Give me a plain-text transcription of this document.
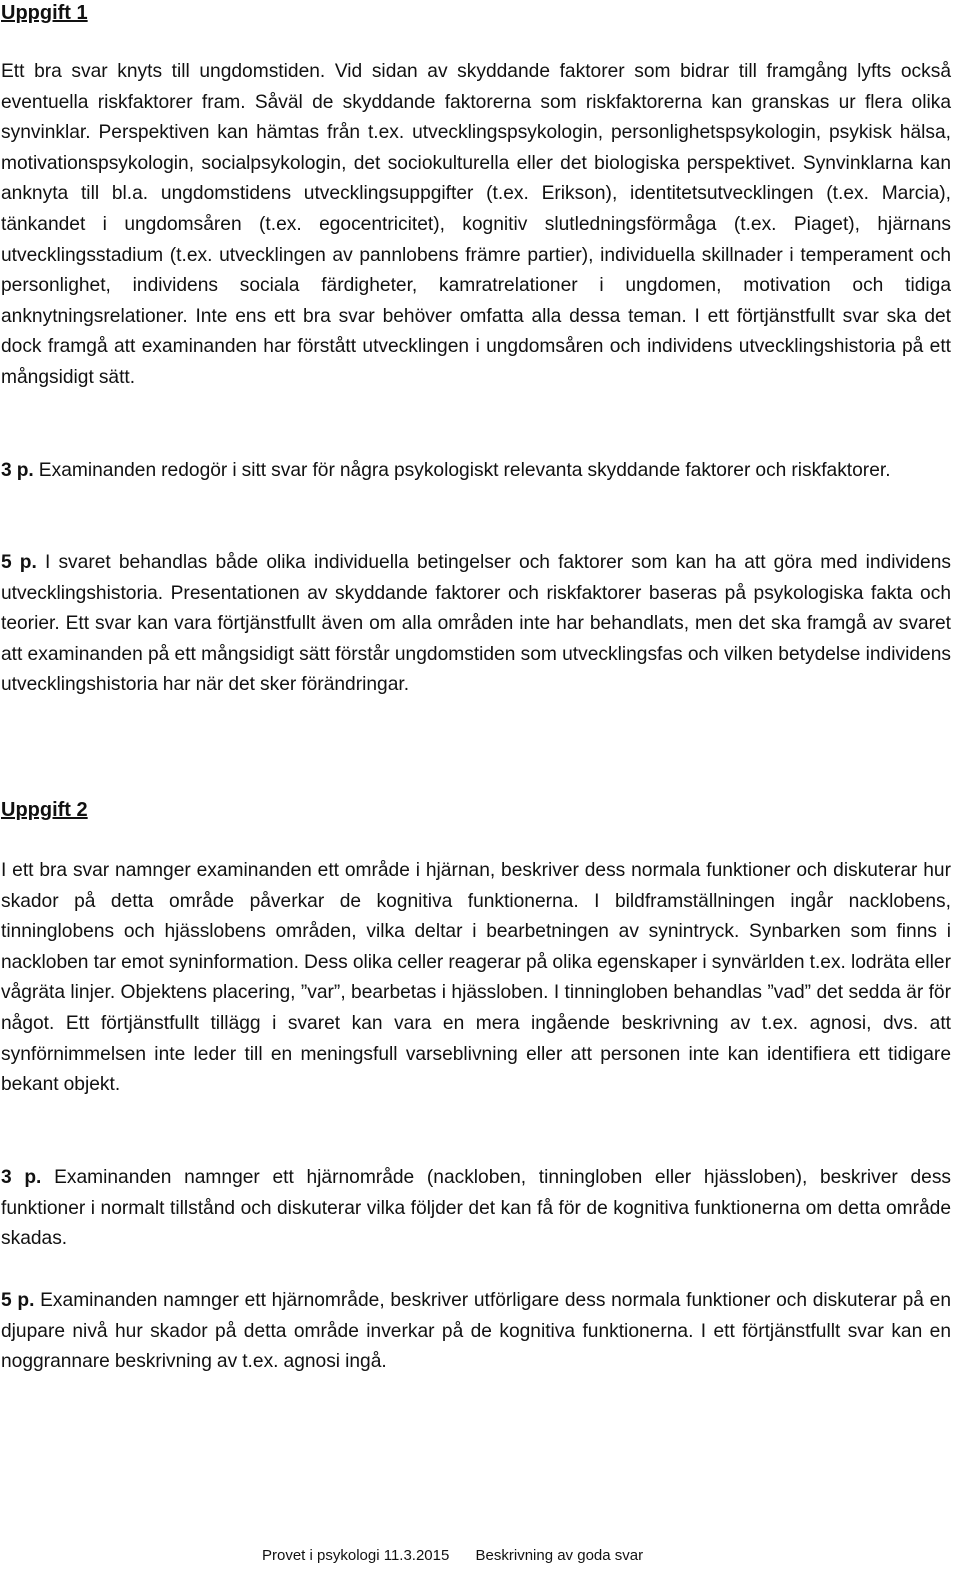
Uppgift 1

Ett bra svar knyts till ungdomstiden. Vid sidan av skyddande faktorer som bidrar till framgång lyfts också eventuella riskfaktorer fram. Såväl de skyddande faktorerna som riskfaktorerna kan granskas ur flera olika synvinklar. Perspektiven kan hämtas från t.ex. utvecklingspsykologin, personlighetspsykologin, psykisk hälsa, motivationspsykologin, socialpsykologin, det sociokulturella eller det biologiska perspektivet. Synvinklarna kan anknyta till bl.a. ungdomstidens utvecklingsuppgifter (t.ex. Erikson), identitetsutvecklingen (t.ex. Marcia), tänkandet i ungdomsåren (t.ex. egocentricitet), kognitiv slutledningsförmåga (t.ex. Piaget), hjärnans utvecklingsstadium (t.ex. utvecklingen av pannlobens främre partier), individuella skillnader i temperament och personlighet, individens sociala färdigheter, kamratrelationer i ungdomen, motivation och tidiga anknytningsrelationer. Inte ens ett bra svar behöver omfatta alla dessa teman. I ett förtjänstfullt svar ska det dock framgå att examinanden har förstått utvecklingen i ungdomsåren och individens utvecklingshistoria på ett mångsidigt sätt.

3 p. Examinanden redogör i sitt svar för några psykologiskt relevanta skyddande faktorer och riskfaktorer.

5 p. I svaret behandlas både olika individuella betingelser och faktorer som kan ha att göra med individens utvecklingshistoria. Presentationen av skyddande faktorer och riskfaktorer baseras på psykologiska fakta och teorier. Ett svar kan vara förtjänstfullt även om alla områden inte har behandlats, men det ska framgå av svaret att examinanden på ett mångsidigt sätt förstår ungdomstiden som utvecklingsfas och vilken betydelse individens utvecklingshistoria har när det sker förändringar.

Uppgift 2

I ett bra svar namnger examinanden ett område i hjärnan, beskriver dess normala funktioner och diskuterar hur skador på detta område påverkar de kognitiva funktionerna. I bildframställningen ingår nacklobens, tinninglobens och hjässlobens områden, vilka deltar i bearbetningen av synintryck. Synbarken som finns i nackloben tar emot syninformation. Dess olika celler reagerar på olika egenskaper i synvärlden t.ex. lodräta eller vågräta linjer. Objektens placering, ”var”, bearbetas i hjässloben. I tinningloben behandlas ”vad” det sedda är för något. Ett förtjänstfullt tillägg i svaret kan vara en mera ingående beskrivning av t.ex. agnosi, dvs. att synförnimmelsen inte leder till en meningsfull varseblivning eller att personen inte kan identifiera ett tidigare bekant objekt.

3 p. Examinanden namnger ett hjärnområde (nackloben, tinningloben eller hjässloben), beskriver dess funktioner i normalt tillstånd och diskuterar vilka följder det kan få för de kognitiva funktionerna om detta område skadas.

5 p. Examinanden namnger ett hjärnområde, beskriver utförligare dess normala funktioner och diskuterar på en djupare nivå hur skador på detta område inverkar på de kognitiva funktionerna. I ett förtjänstfullt svar kan en noggrannare beskrivning av t.ex. agnosi ingå.

Provet i psykologi 11.3.2015 Beskrivning av goda svar
